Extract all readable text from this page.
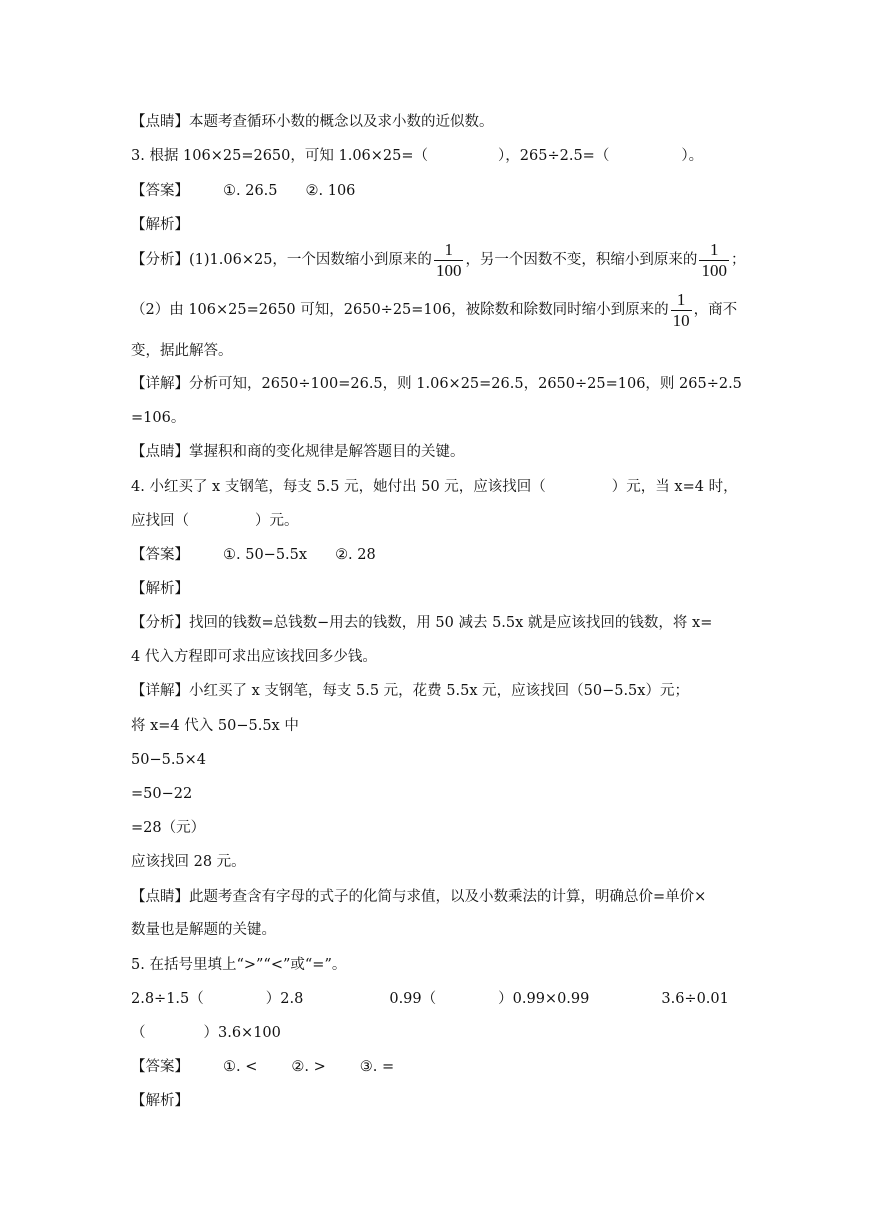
【点睛】本题考查循环小数的概念以及求小数的近似数。
3. 根据 106×25=2650，可知 1.06×25=（	），265÷2.5=（	）。
【答案】 ①. 26.5 ②. 106
【解析】
【分析】(1)1.06×25，一个因数缩小到原来的 $\frac{1}{100}$ ，另一个因数不变，积缩小到原来的 $\frac{1}{100}$ ；
（2）由 106×25=2650 可知，2650÷25=106，被除数和除数同时缩小到原来的 $\frac{1}{10}$ ，商不
变，据此解答。
【详解】分析可知，2650÷100=26.5，则 1.06×25=26.5，2650÷25=106，则 265÷2.5
=106。
【点睛】掌握积和商的变化规律是解答题目的关键。
4. 小红买了 x 支钢笔，每支 5.5 元，她付出 50 元，应该找回（	）元，当 x=4 时，
应找回（	）元。
【答案】 ①. 50−5.5x ②. 28
【解析】
【分析】找回的钱数=总钱数−用去的钱数，用 50 减去 5.5x 就是应该找回的钱数，将 x=
4 代入方程即可求出应该找回多少钱。
【详解】小红买了 x 支钢笔，每支 5.5 元，花费 5.5x 元，应该找回（50−5.5x）元；
将 x=4 代入 50−5.5x 中
50−5.5×4
=50−22
=28（元）
应该找回 28 元。
【点睛】此题考查含有字母的式子的化简与求值，以及小数乘法的计算，明确总价=单价×
数量也是解题的关键。
5. 在括号里填上“>”“<”或“=”。
2.8÷1.5（	）2.8	0.99（	）0.99×0.99	3.6÷0.01
（	）3.6×100
【答案】 ①. < ②. > ③. =
【解析】
